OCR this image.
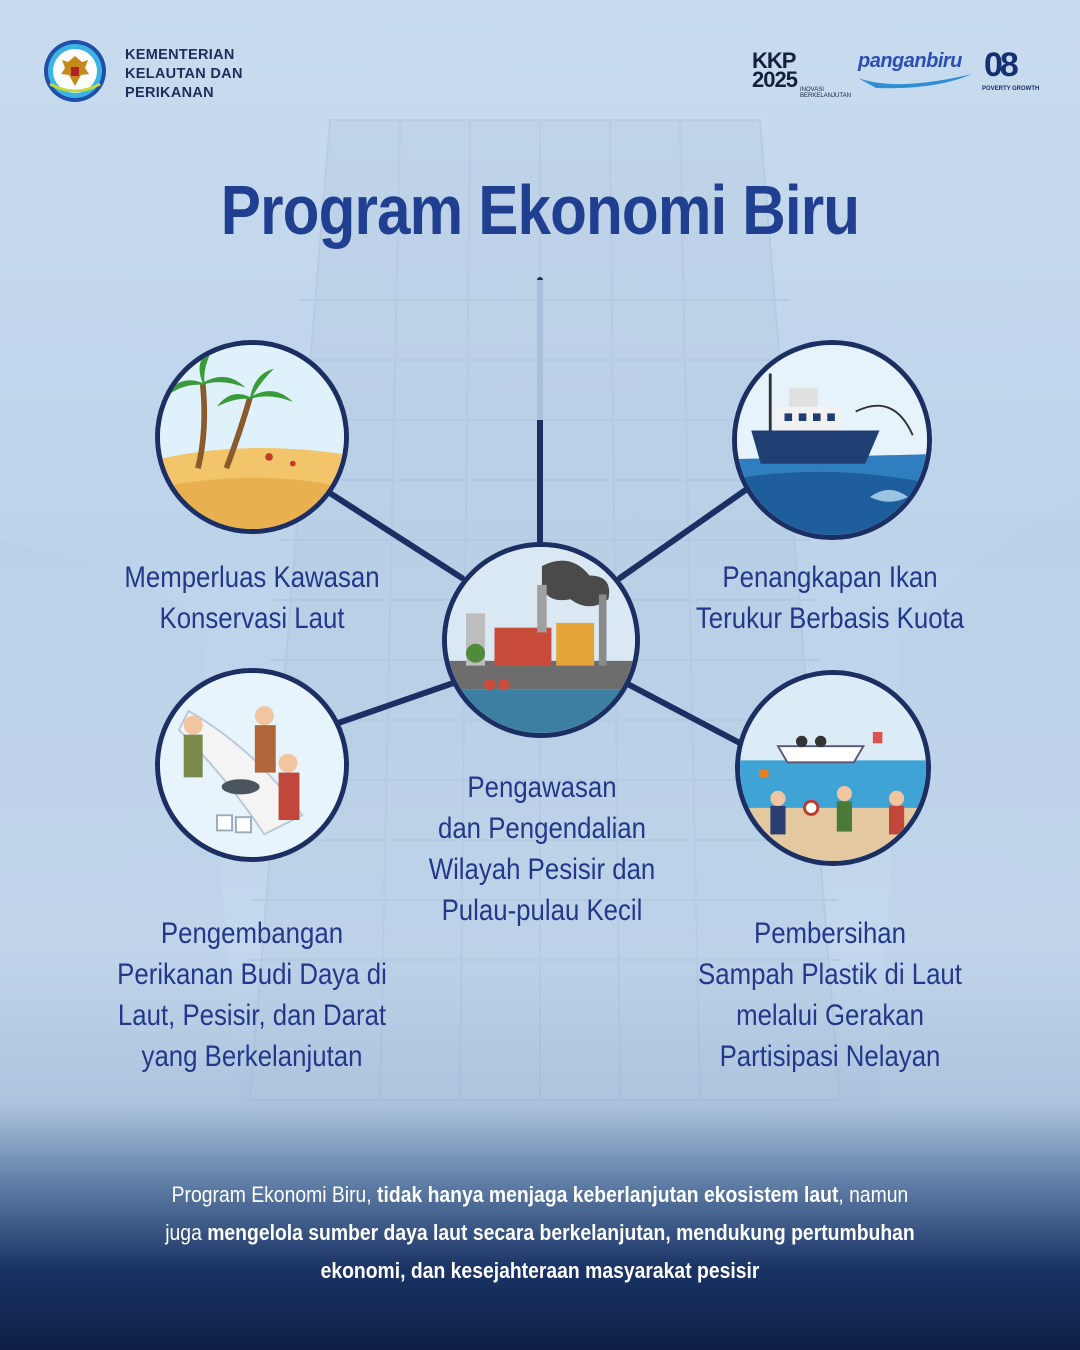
KEMENTERIAN
KELAUTAN DAN
PERIKANAN
KKP
2025 INOVASI BERKELANJUTAN
panganbiru 08
POVERTY GROWTH
Program Ekonomi Biru
Memperluas Kawasan
Konservasi Laut
Penangkapan Ikan
Terukur Berbasis Kuota
Pengawasan
dan Pengendalian
Wilayah Pesisir dan
Pulau-pulau Kecil
Pengembangan
Perikanan Budi Daya di
Laut, Pesisir, dan Darat
yang Berkelanjutan
Pembersihan
Sampah Plastik di Laut
melalui Gerakan
Partisipasi Nelayan
Program Ekonomi Biru, tidak hanya menjaga keberlanjutan ekosistem laut, namun
juga mengelola sumber daya laut secara berkelanjutan, mendukung pertumbuhan
ekonomi, dan kesejahteraan masyarakat pesisir
